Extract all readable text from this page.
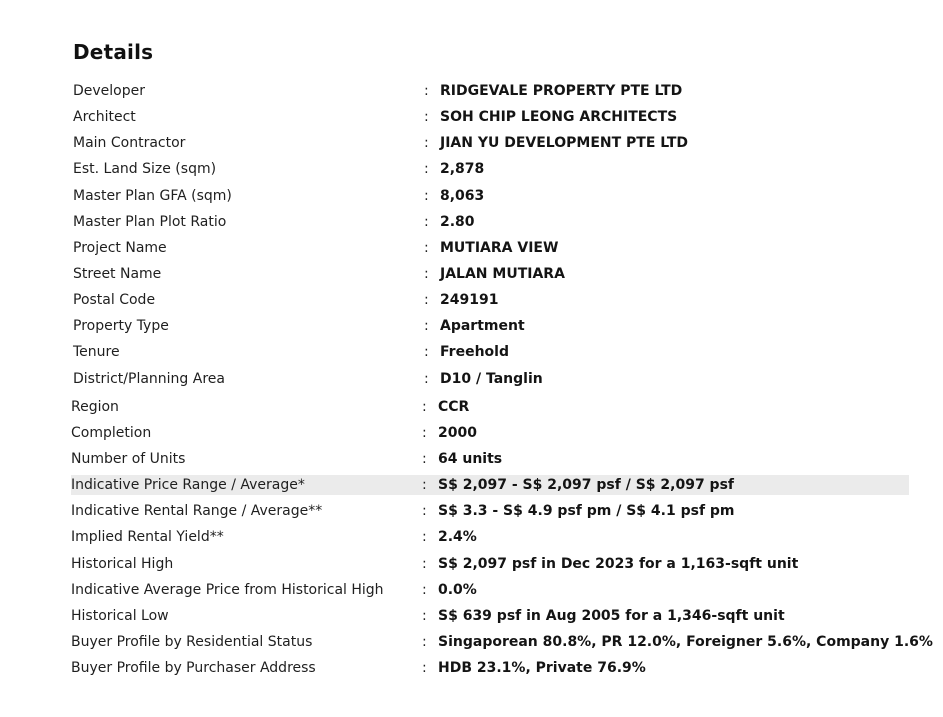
Details
Developer	: RIDGEVALE PROPERTY PTE LTD
Architect	: SOH CHIP LEONG ARCHITECTS
Main Contractor	: JIAN YU DEVELOPMENT PTE LTD
Est. Land Size (sqm)	: 2,878
Master Plan GFA (sqm)	: 8,063
Master Plan Plot Ratio	: 2.80
Project Name	: MUTIARA VIEW
Street Name	: JALAN MUTIARA
Postal Code	: 249191
Property Type	: Apartment
Tenure	: Freehold
District/Planning Area	: D10 / Tanglin
Region	: CCR
Completion	: 2000
Number of Units	: 64 units
Indicative Price Range / Average*	: S$ 2,097 - S$ 2,097 psf / S$ 2,097 psf
Indicative Rental Range / Average**	: S$ 3.3 - S$ 4.9 psf pm / S$ 4.1 psf pm
Implied Rental Yield**	: 2.4%
Historical High	: S$ 2,097 psf in Dec 2023 for a 1,163-sqft unit
Indicative Average Price from Historical High	: 0.0%
Historical Low	: S$ 639 psf in Aug 2005 for a 1,346-sqft unit
Buyer Profile by Residential Status	: Singaporean 80.8%, PR 12.0%, Foreigner 5.6%, Company 1.6%
Buyer Profile by Purchaser Address	: HDB 23.1%, Private 76.9%
